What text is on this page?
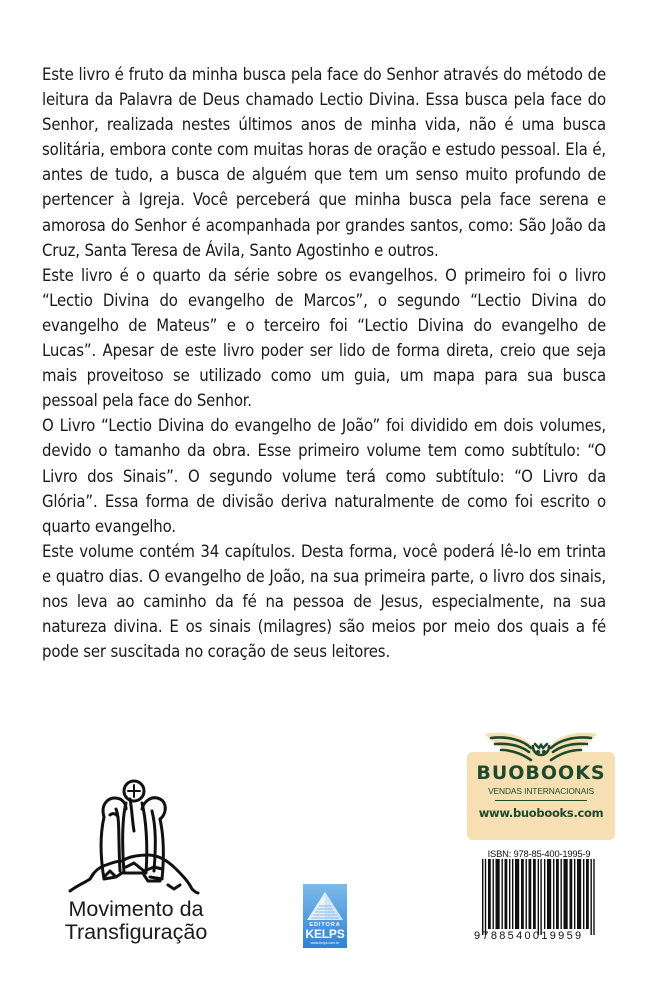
Este livro é fruto da minha busca pela face do Senhor através do método de leitura da Palavra de Deus chamado Lectio Divina. Essa busca pela face do Senhor, realizada nestes últimos anos de minha vida, não é uma busca solitária, embora conte com muitas horas de oração e estudo pessoal. Ela é, antes de tudo, a busca de alguém que tem um senso muito profundo de pertencer à Igreja. Você perceberá que minha busca pela face serena e amorosa do Senhor é acompanhada por grandes santos, como: São João da Cruz, Santa Teresa de Ávila, Santo Agostinho e outros.

Este livro é o quarto da série sobre os evangelhos. O primeiro foi o livro “Lectio Divina do evangelho de Marcos”, o segundo “Lectio Divina do evangelho de Mateus” e o terceiro foi “Lectio Divina do evangelho de Lucas”. Apesar de este livro poder ser lido de forma direta, creio que seja mais proveitoso se utilizado como um guia, um mapa para sua busca pessoal pela face do Senhor.

O Livro “Lectio Divina do evangelho de João” foi dividido em dois volumes, devido o tamanho da obra. Esse primeiro volume tem como subtítulo: “O Livro dos Sinais”. O segundo volume terá como subtítulo: “O Livro da Glória”. Essa forma de divisão deriva naturalmente de como foi escrito o quarto evangelho.

Este volume contém 34 capítulos. Desta forma, você poderá lê-lo em trinta e quatro dias. O evangelho de João, na sua primeira parte, o livro dos sinais, nos leva ao caminho da fé na pessoa de Jesus, especialmente, na sua natureza divina. E os sinais (milagres) são meios por meio dos quais a fé pode ser suscitada no coração de seus leitores.

Movimento da
Transfiguração	EDITORA
KELPS
www.kelps.com.br
BUOBOOKS
VENDAS INTERNACIONAIS
www.buobooks.com
ISBN: 978-85-400-1995-9
9788540019959
